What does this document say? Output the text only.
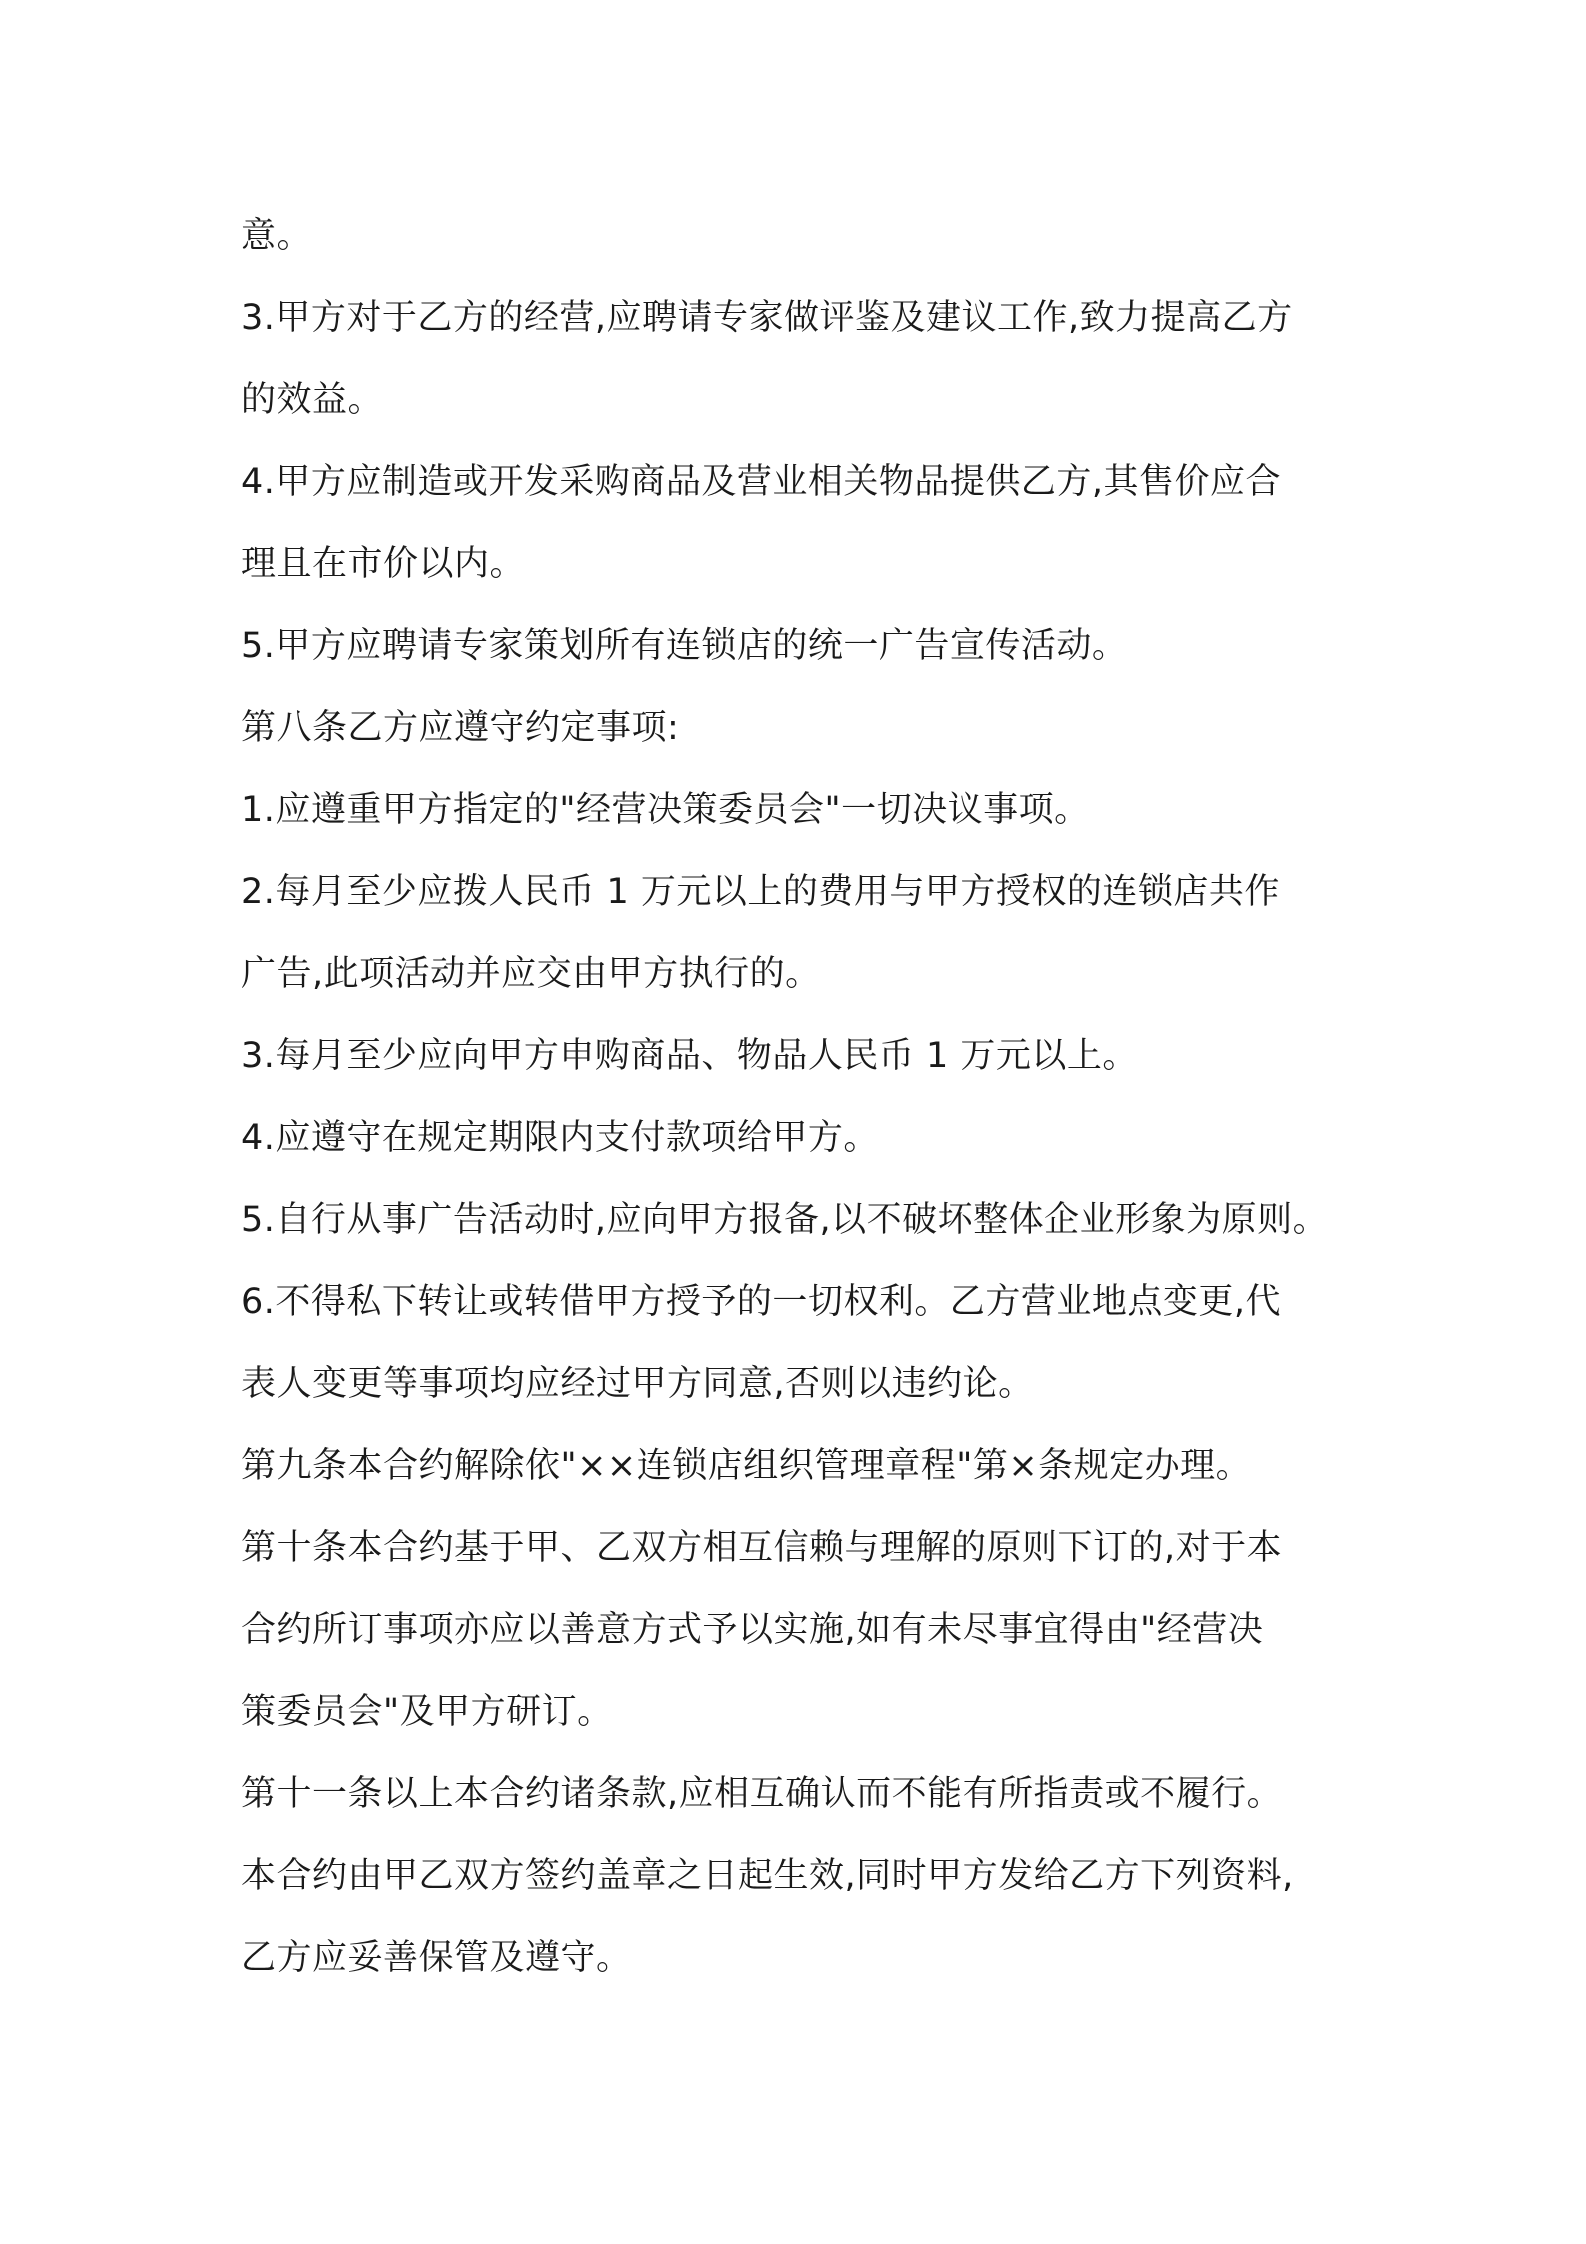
意。
3.甲方对于乙方的经营,应聘请专家做评鉴及建议工作,致力提高乙方
的效益。
4.甲方应制造或开发采购商品及营业相关物品提供乙方,其售价应合
理且在市价以内。
5.甲方应聘请专家策划所有连锁店的统一广告宣传活动。
第八条乙方应遵守约定事项:
1.应遵重甲方指定的"经营决策委员会"一切决议事项。
2.每月至少应拨人民币 1 万元以上的费用与甲方授权的连锁店共作
广告,此项活动并应交由甲方执行的。
3.每月至少应向甲方申购商品、物品人民币 1 万元以上。
4.应遵守在规定期限内支付款项给甲方。
5.自行从事广告活动时,应向甲方报备,以不破坏整体企业形象为原则。
6.不得私下转让或转借甲方授予的一切权利。乙方营业地点变更,代
表人变更等事项均应经过甲方同意,否则以违约论。
第九条本合约解除依"××连锁店组织管理章程"第×条规定办理。
第十条本合约基于甲、乙双方相互信赖与理解的原则下订的,对于本
合约所订事项亦应以善意方式予以实施,如有未尽事宜得由"经营决
策委员会"及甲方研订。
第十一条以上本合约诸条款,应相互确认而不能有所指责或不履行。
本合约由甲乙双方签约盖章之日起生效,同时甲方发给乙方下列资料,
乙方应妥善保管及遵守。
